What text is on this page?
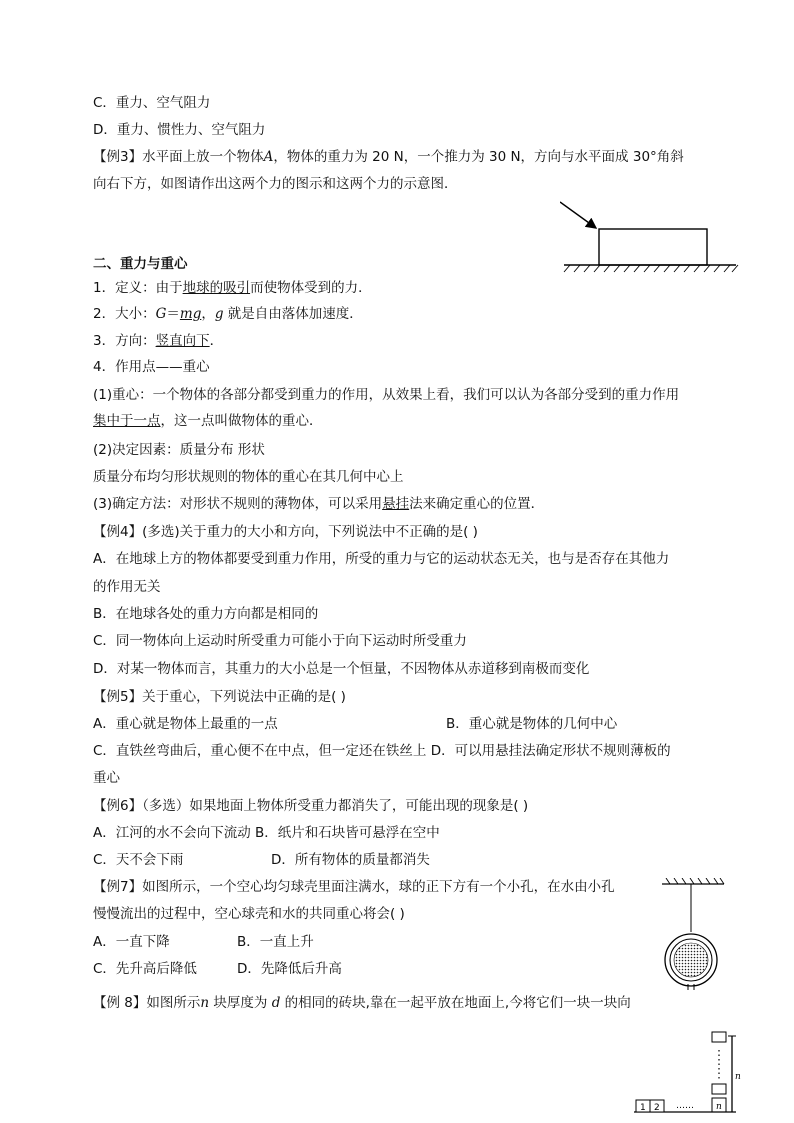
C．重力、空气阻力
D．重力、惯性力、空气阻力
【例3】水平面上放一个物体A，物体的重力为 20 N，一个推力为 30 N，方向与水平面成 30°角斜
向右下方，如图请作出这两个力的图示和这两个力的示意图．
二、重力与重心
1．定义：由于地球的吸引而使物体受到的力．
2．大小：G＝mg，g 就是自由落体加速度．
3．方向：竖直向下．
4．作用点——重心
(1)重心：一个物体的各部分都受到重力的作用，从效果上看，我们可以认为各部分受到的重力作用
集中于一点，这一点叫做物体的重心．
(2)决定因素：质量分布 形状
质量分布均匀形状规则的物体的重心在其几何中心上
(3)确定方法：对形状不规则的薄物体，可以采用悬挂法来确定重心的位置．
【例4】(多选)关于重力的大小和方向，下列说法中不正确的是( )
A．在地球上方的物体都要受到重力作用，所受的重力与它的运动状态无关，也与是否存在其他力
的作用无关
B．在地球各处的重力方向都是相同的
C．同一物体向上运动时所受重力可能小于向下运动时所受重力
D．对某一物体而言，其重力的大小总是一个恒量，不因物体从赤道移到南极而变化
【例5】关于重心，下列说法中正确的是( )
A．重心就是物体上最重的一点	B．重心就是物体的几何中心
C．直铁丝弯曲后，重心便不在中点，但一定还在铁丝上 D．可以用悬挂法确定形状不规则薄板的
重心
【例6】（多选）如果地面上物体所受重力都消失了，可能出现的现象是( )
A．江河的水不会向下流动 B．纸片和石块皆可悬浮在空中
C．天不会下雨	D．所有物体的质量都消失
【例7】如图所示，一个空心均匀球壳里面注满水，球的正下方有一个小孔，在水由小孔
慢慢流出的过程中，空心球壳和水的共同重心将会( )
A．一直下降	B．一直上升
C．先升高后降低	D．先降低后升高
【例 8】如图所示n 块厚度为 d 的相同的砖块,靠在一起平放在地面上,今将它们一块一块向
n
n
1 2 ……
